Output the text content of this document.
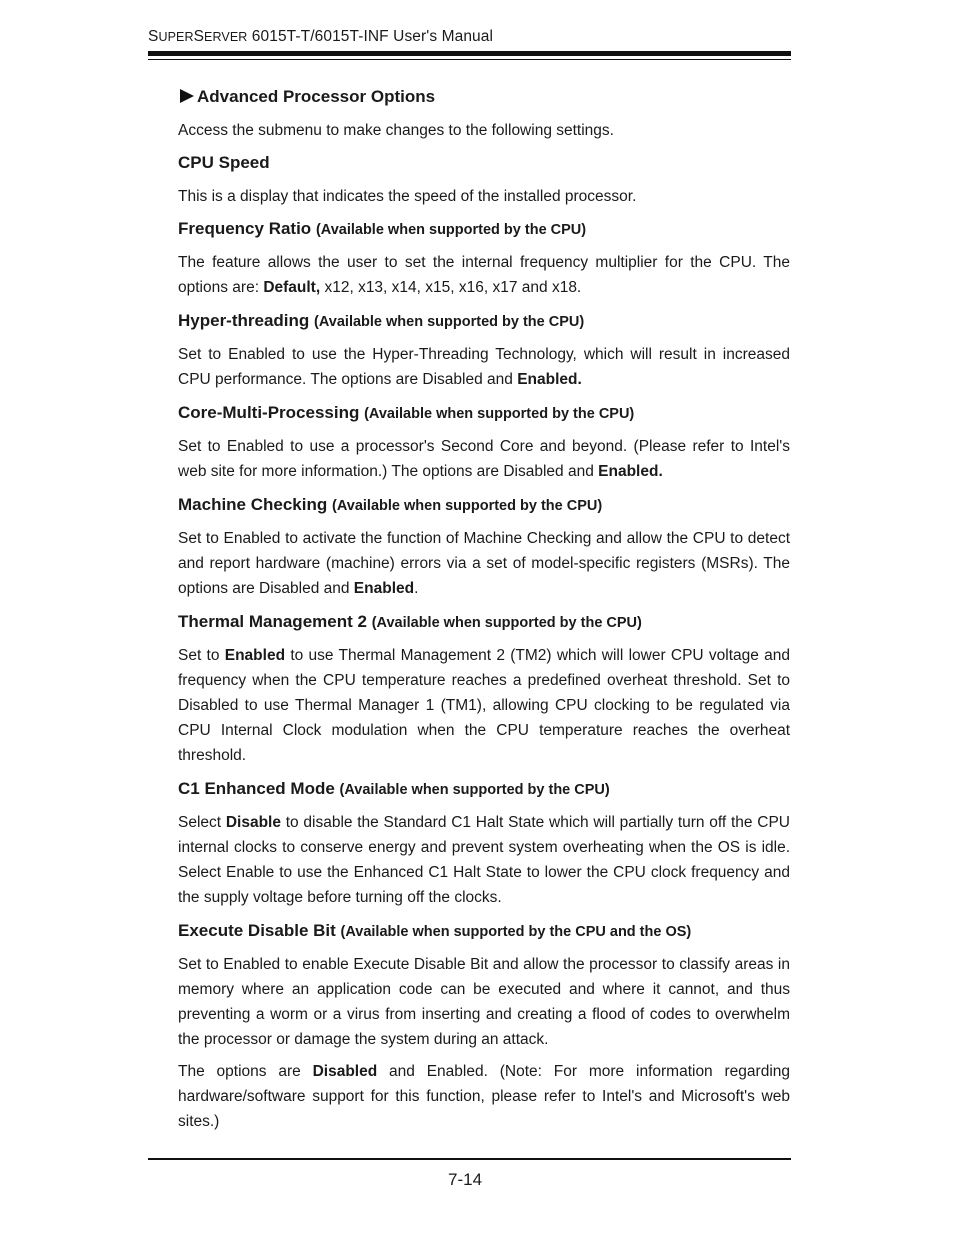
SUPERSERVER 6015T-T/6015T-INF User's Manual
Advanced Processor Options

Access the submenu to make changes to the following settings.

CPU Speed

This is a display that indicates the speed of the installed processor.

Frequency Ratio (Available when supported by the CPU)

The feature allows the user to set the internal frequency multiplier for the CPU. The options are: Default, x12, x13, x14, x15, x16, x17 and x18.

Hyper-threading (Available when supported by the CPU)

Set to Enabled to use the Hyper-Threading Technology, which will result in increased CPU performance. The options are Disabled and Enabled.

Core-Multi-Processing (Available when supported by the CPU)

Set to Enabled to use a processor's Second Core and beyond. (Please refer to Intel's web site for more information.) The options are Disabled and Enabled.

Machine Checking (Available when supported by the CPU)

Set to Enabled to activate the function of Machine Checking and allow the CPU to detect and report hardware (machine) errors via a set of model-specific registers (MSRs). The options are Disabled and Enabled.

Thermal Management 2 (Available when supported by the CPU)

Set to Enabled to use Thermal Management 2 (TM2) which will lower CPU voltage and frequency when the CPU temperature reaches a predefined overheat threshold. Set to Disabled to use Thermal Manager 1 (TM1), allowing CPU clocking to be regulated via CPU Internal Clock modulation when the CPU temperature reaches the overheat threshold.

C1 Enhanced Mode (Available when supported by the CPU)

Select Disable to disable the Standard C1 Halt State which will partially turn off the CPU internal clocks to conserve energy and prevent system overheating when the OS is idle. Select Enable to use the Enhanced C1 Halt State to lower the CPU clock frequency and the supply voltage before turning off the clocks.

Execute Disable Bit (Available when supported by the CPU and the OS)

Set to Enabled to enable Execute Disable Bit and allow the processor to classify areas in memory where an application code can be executed and where it cannot, and thus preventing a worm or a virus from inserting and creating a flood of codes to overwhelm the processor or damage the system during an attack.

The options are Disabled and Enabled. (Note: For more information regarding hardware/software support for this function, please refer to Intel's and Microsoft's web sites.)

7-14
